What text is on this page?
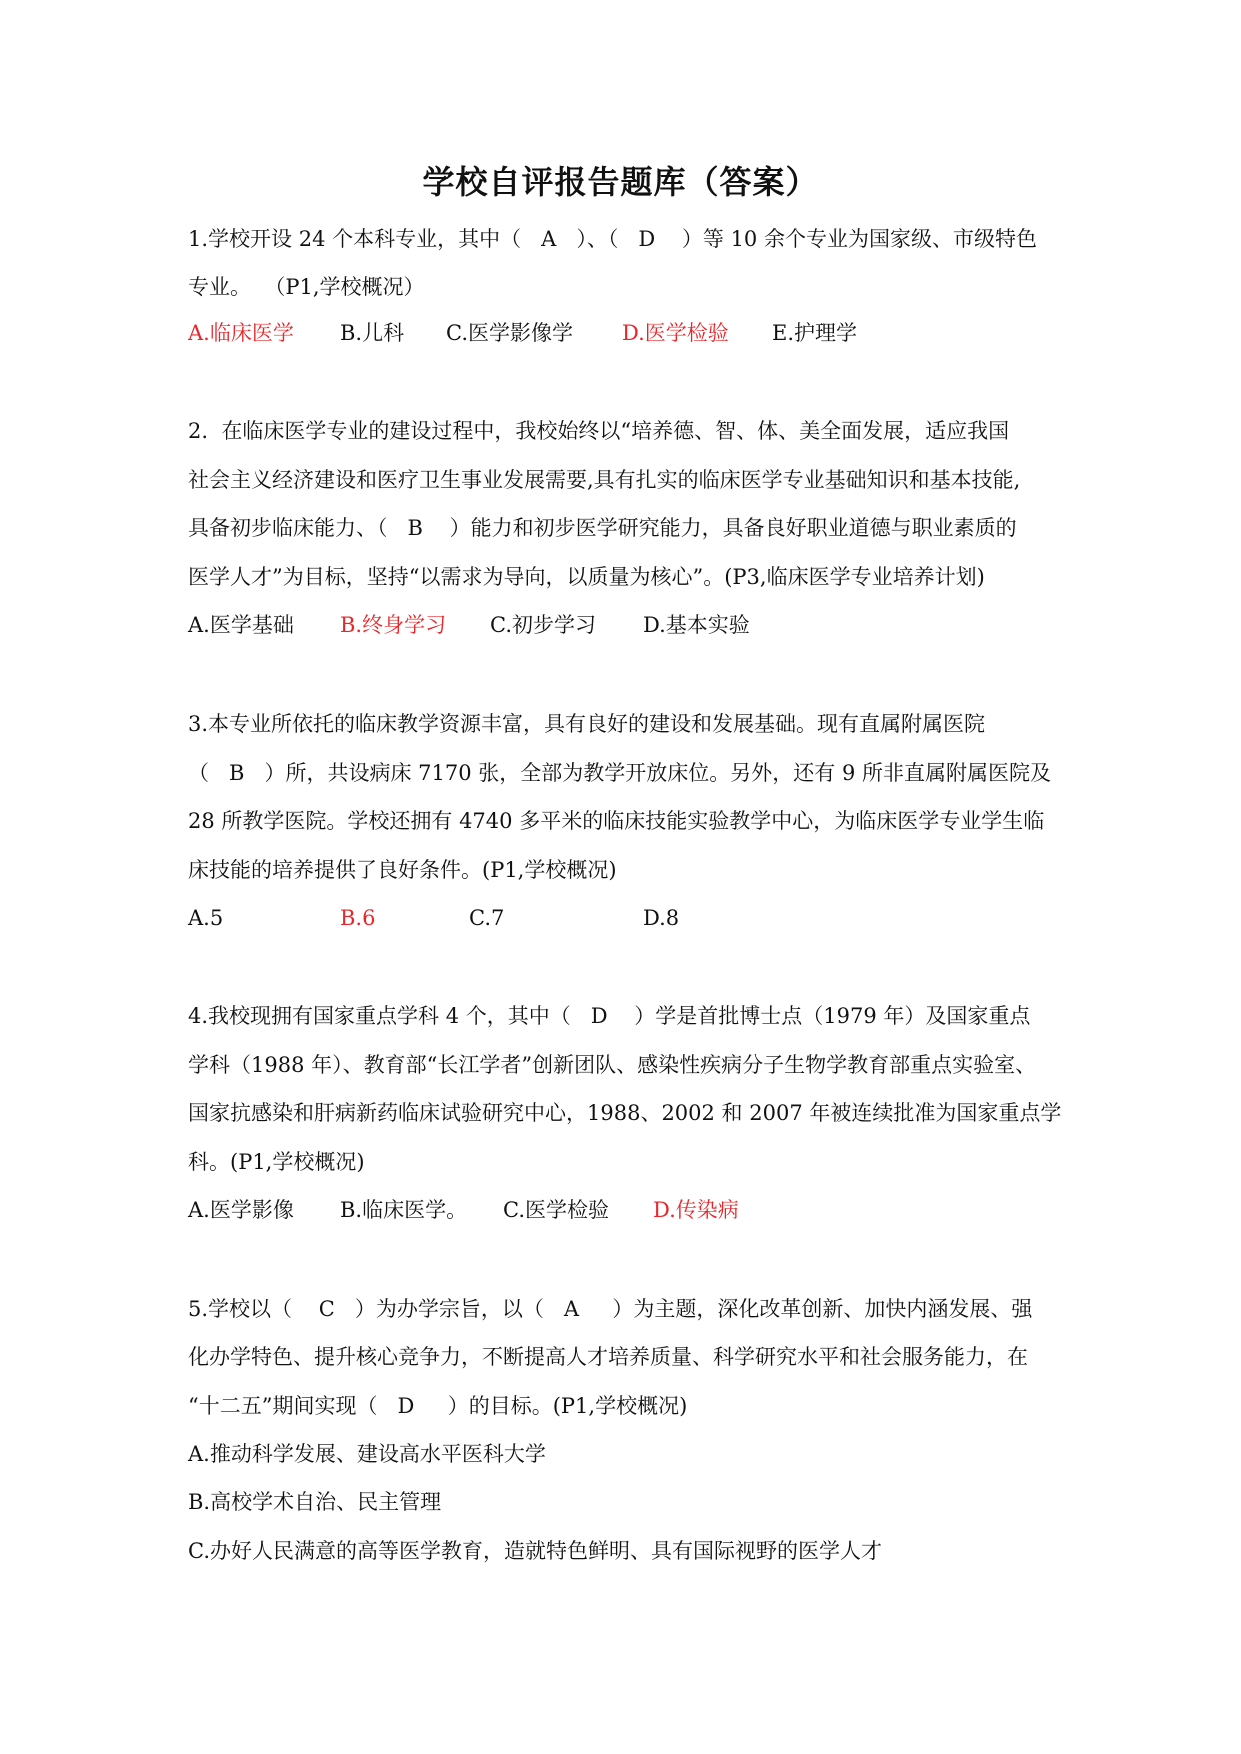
学校自评报告题库（答案）
1.学校开设 24 个本科专业，其中（   A   ）、（   D    ）等 10 余个专业为国家级、市级特色
专业。  （P1,学校概况）
A.临床医学 B.儿科 C.医学影像学 D.医学检验 E.护理学
2.  在临床医学专业的建设过程中，我校始终以“培养德、智、体、美全面发展，适应我国
社会主义经济建设和医疗卫生事业发展需要,具有扎实的临床医学专业基础知识和基本技能,
具备初步临床能力、（   B    ）能力和初步医学研究能力，具备良好职业道德与职业素质的
医学人才”为目标，坚持“以需求为导向，以质量为核心”。(P3,临床医学专业培养计划)
A.医学基础 B.终身学习 C.初步学习 D.基本实验
3.本专业所依托的临床教学资源丰富，具有良好的建设和发展基础。现有直属附属医院
（   B   ）所，共设病床 7170 张，全部为教学开放床位。另外，还有 9 所非直属附属医院及
28 所教学医院。学校还拥有 4740 多平米的临床技能实验教学中心，为临床医学专业学生临
床技能的培养提供了良好条件。(P1,学校概况)
A.5	B.6	C.7	D.8
4.我校现拥有国家重点学科 4 个，其中（   D    ）学是首批博士点（1979 年）及国家重点
学科（1988 年）、教育部“长江学者”创新团队、感染性疾病分子生物学教育部重点实验室、
国家抗感染和肝病新药临床试验研究中心，1988、2002 和 2007 年被连续批准为国家重点学
科。(P1,学校概况)
A.医学影像 B.临床医学。 C.医学检验 D.传染病
5.学校以（    C   ）为办学宗旨，以（   A     ）为主题，深化改革创新、加快内涵发展、强
化办学特色、提升核心竞争力，不断提高人才培养质量、科学研究水平和社会服务能力，在
“十二五”期间实现（   D     ）的目标。(P1,学校概况)
A.推动科学发展、建设高水平医科大学
B.高校学术自治、民主管理
C.办好人民满意的高等医学教育，造就特色鲜明、具有国际视野的医学人才
